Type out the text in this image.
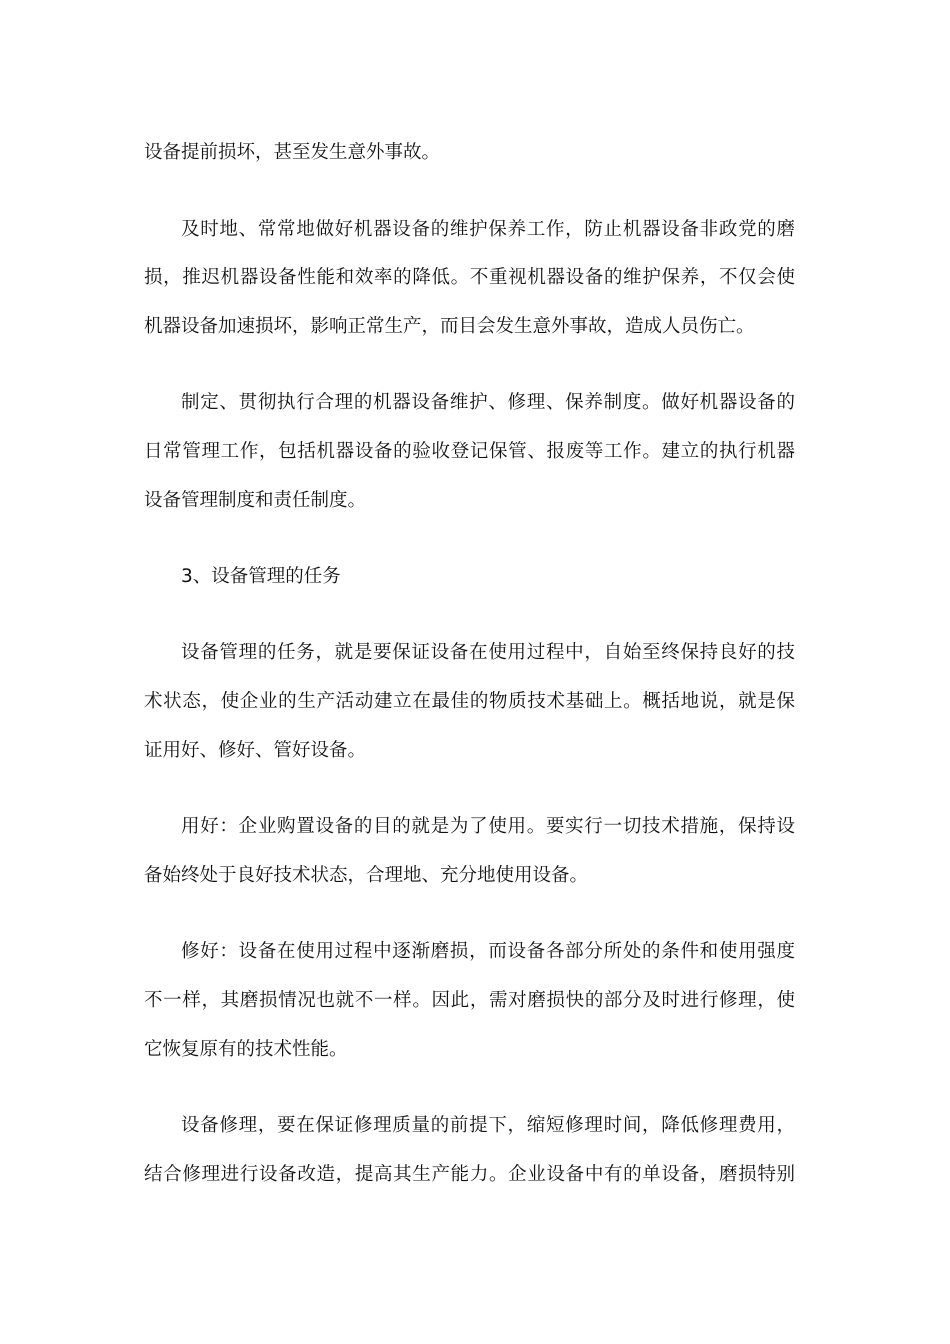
设备提前损坏，甚至发生意外事故。
及时地、常常地做好机器设备的维护保养工作，防止机器设备非政党的磨
损，推迟机器设备性能和效率的降低。不重视机器设备的维护保养，不仅会使
机器设备加速损坏，影响正常生产，而目会发生意外事故，造成人员伤亡。
制定、贯彻执行合理的机器设备维护、修理、保养制度。做好机器设备的
日常管理工作，包括机器设备的验收登记保管、报废等工作。建立的执行机器
设备管理制度和责任制度。
3、设备管理的任务
设备管理的任务，就是要保证设备在使用过程中，自始至终保持良好的技
术状态，使企业的生产活动建立在最佳的物质技术基础上。概括地说，就是保
证用好、修好、管好设备。
用好：企业购置设备的目的就是为了使用。要实行一切技术措施，保持设
备始终处于良好技术状态，合理地、充分地使用设备。
修好：设备在使用过程中逐渐磨损，而设备各部分所处的条件和使用强度
不一样，其磨损情况也就不一样。因此，需对磨损快的部分及时进行修理，使
它恢复原有的技术性能。
设备修理，要在保证修理质量的前提下，缩短修理时间，降低修理费用，
结合修理进行设备改造，提高其生产能力。企业设备中有的单设备，磨损特别
